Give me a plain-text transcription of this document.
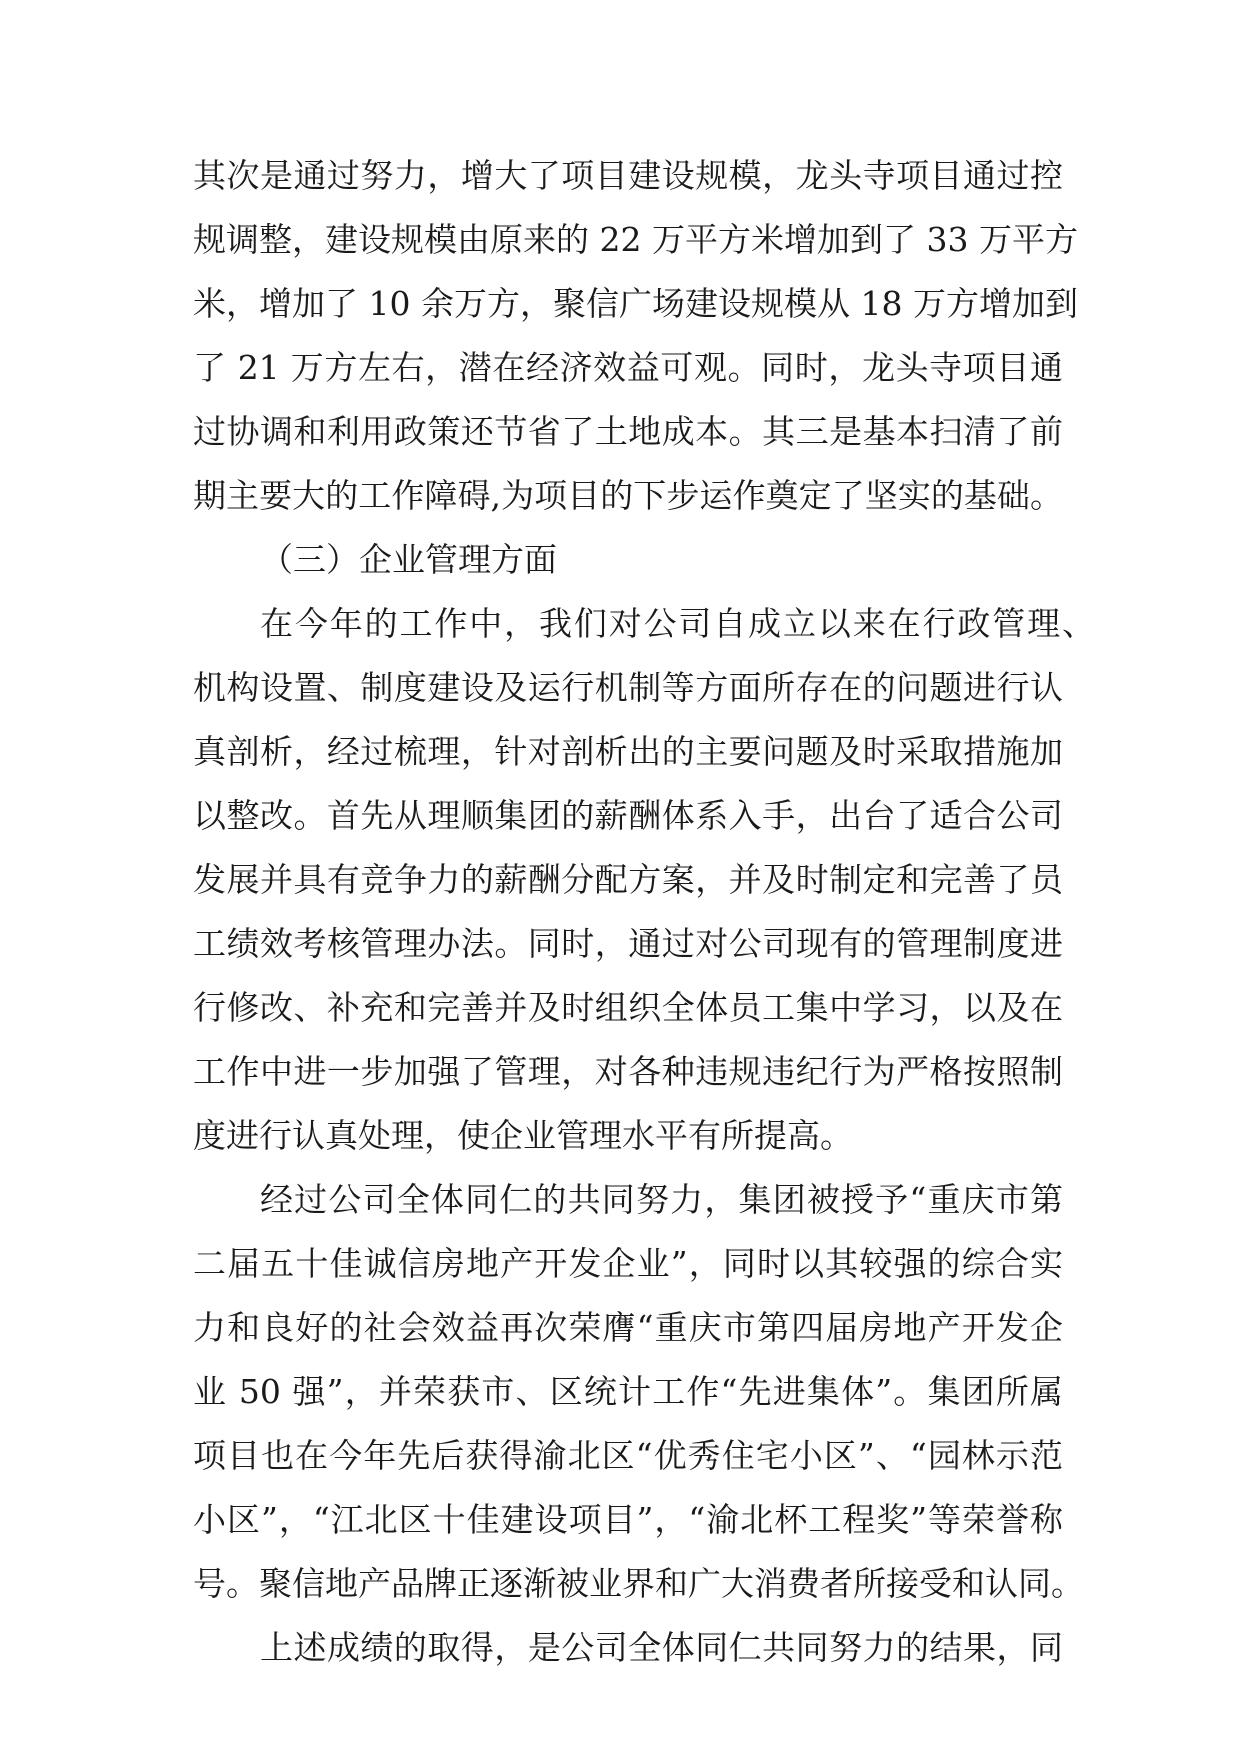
其次是通过努力，增大了项目建设规模，龙头寺项目通过控
规调整，建设规模由原来的 22 万平方米增加到了 33 万平方
米，增加了 10 余万方，聚信广场建设规模从 18 万方增加到
了 21 万方左右，潜在经济效益可观。同时，龙头寺项目通
过协调和利用政策还节省了土地成本。其三是基本扫清了前
期主要大的工作障碍,为项目的下步运作奠定了坚实的基础。
（三）企业管理方面
在今年的工作中，我们对公司自成立以来在行政管理、
机构设置、制度建设及运行机制等方面所存在的问题进行认
真剖析，经过梳理，针对剖析出的主要问题及时采取措施加
以整改。首先从理顺集团的薪酬体系入手，出台了适合公司
发展并具有竞争力的薪酬分配方案，并及时制定和完善了员
工绩效考核管理办法。同时，通过对公司现有的管理制度进
行修改、补充和完善并及时组织全体员工集中学习，以及在
工作中进一步加强了管理，对各种违规违纪行为严格按照制
度进行认真处理，使企业管理水平有所提高。
经过公司全体同仁的共同努力，集团被授予“重庆市第
二届五十佳诚信房地产开发企业”，同时以其较强的综合实
力和良好的社会效益再次荣膺“重庆市第四届房地产开发企
业 50 强”，并荣获市、区统计工作“先进集体”。集团所属
项目也在今年先后获得渝北区“优秀住宅小区”、“园林示范
小区”，“江北区十佳建设项目”，“渝北杯工程奖”等荣誉称
号。聚信地产品牌正逐渐被业界和广大消费者所接受和认同。
上述成绩的取得，是公司全体同仁共同努力的结果，同
